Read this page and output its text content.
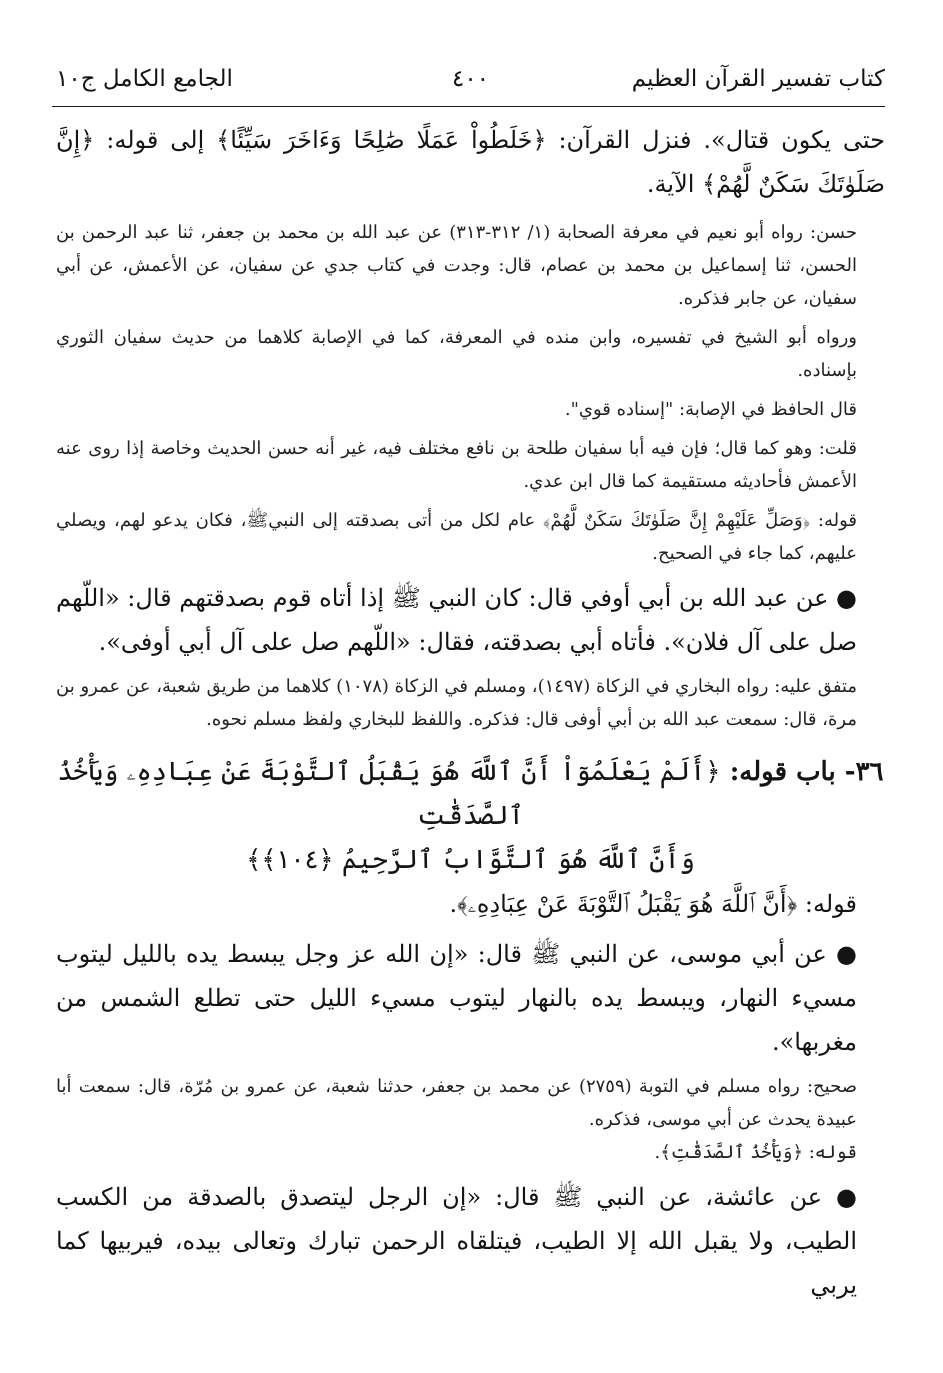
كتاب تفسير القرآن العظيم
٤٠٠
الجامع الكامل ج١٠

حتى يكون قتال». فنزل القرآن: ﴿خَلَطُواْ عَمَلًا صَٰلِحًا وَءَاخَرَ سَيِّئًا﴾ إلى قوله: ﴿إِنَّ صَلَوٰتَكَ سَكَنٌ لَّهُمْ﴾ الآية.

حسن: رواه أبو نعيم في معرفة الصحابة (١/ ٣١٢-٣١٣) عن عبد الله بن محمد بن جعفر، ثنا عبد الرحمن بن الحسن، ثنا إسماعيل بن محمد بن عصام، قال: وجدت في كتاب جدي عن سفيان، عن الأعمش، عن أبي سفيان، عن جابر فذكره.

ورواه أبو الشيخ في تفسيره، وابن منده في المعرفة، كما في الإصابة كلاهما من حديث سفيان الثوري بإسناده.

قال الحافظ في الإصابة: "إسناده قوي".

قلت: وهو كما قال؛ فإن فيه أبا سفيان طلحة بن نافع مختلف فيه، غير أنه حسن الحديث وخاصة إذا روى عنه الأعمش فأحاديثه مستقيمة كما قال ابن عدي.

قوله: ﴿وَصَلِّ عَلَيْهِمْ إِنَّ صَلَوٰتَكَ سَكَنٌ لَّهُمْ﴾ عام لكل من أتى بصدقته إلى النبيﷺ، فكان يدعو لهم، ويصلي عليهم، كما جاء في الصحيح.

● عن عبد الله بن أبي أوفي قال: كان النبي ﷺ إذا أتاه قوم بصدقتهم قال: «اللّهم صل على آل فلان». فأتاه أبي بصدقته، فقال: «اللّهم صل على آل أبي أوفى».

متفق عليه: رواه البخاري في الزكاة (١٤٩٧)، ومسلم في الزكاة (١٠٧٨) كلاهما من طريق شعبة، عن عمرو بن مرة، قال: سمعت عبد الله بن أبي أوفى قال: فذكره. واللفظ للبخاري ولفظ مسلم نحوه.

٣٦- باب قوله: ﴿أَلَمْ يَعْلَمُوٓاْ أَنَّ ٱللَّهَ هُوَ يَقْبَلُ ٱلتَّوْبَةَ عَنْ عِبَادِهِۦ وَيَأْخُذُ ٱلصَّدَقَٰتِ
وَأَنَّ ٱللَّهَ هُوَ ٱلتَّوَّابُ ٱلرَّحِيمُ ﴿١٠٤﴾﴾

قوله: ﴿أَنَّ ٱللَّهَ هُوَ يَقْبَلُ ٱلتَّوْبَةَ عَنْ عِبَادِهِۦ﴾.

● عن أبي موسى، عن النبي ﷺ قال: «إن الله عز وجل يبسط يده بالليل ليتوب مسيء النهار، ويبسط يده بالنهار ليتوب مسيء الليل حتى تطلع الشمس من مغربها».

صحيح: رواه مسلم في التوبة (٢٧٥٩) عن محمد بن جعفر، حدثنا شعبة، عن عمرو بن مُرّة، قال: سمعت أبا عبيدة يحدث عن أبي موسى، فذكره.

قوله: ﴿وَيَأْخُذُ ٱلصَّدَقَٰتِ﴾.

● عن عائشة، عن النبي ﷺ قال: «إن الرجل ليتصدق بالصدقة من الكسب الطيب، ولا يقبل الله إلا الطيب، فيتلقاه الرحمن تبارك وتعالى بيده، فيربيها كما يربي
